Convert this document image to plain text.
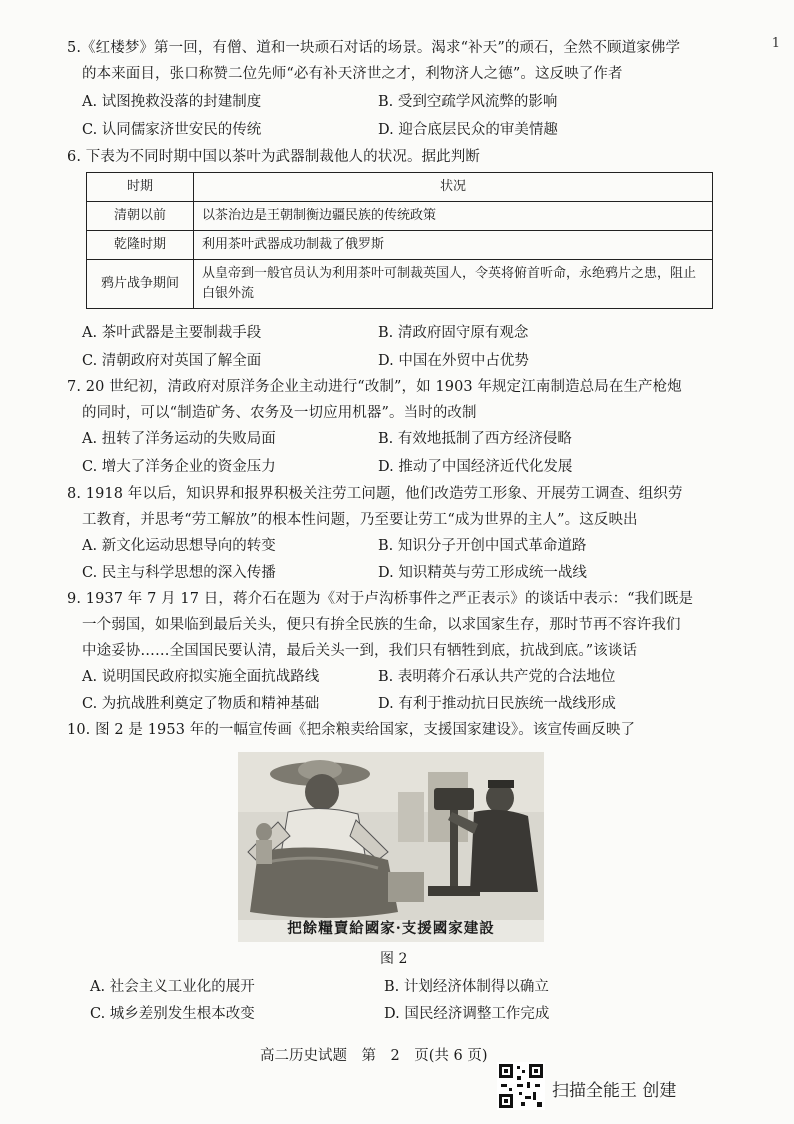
1
5.《红楼梦》第一回，有僧、道和一块顽石对话的场景。渴求“补天”的顽石，全然不顾道家佛学
的本来面目，张口称赞二位先师“必有补天济世之才，利物济人之德”。这反映了作者
A. 试图挽救没落的封建制度	B. 受到空疏学风流弊的影响
C. 认同儒家济世安民的传统	D. 迎合底层民众的审美情趣
6. 下表为不同时期中国以茶叶为武器制裁他人的状况。据此判断
时期	状况
清朝以前	以茶治边是王朝制衡边疆民族的传统政策
乾隆时期	利用茶叶武器成功制裁了俄罗斯
鸦片战争期间	从皇帝到一般官员认为利用茶叶可制裁英国人，令英将俯首听命，永绝鸦片之患，阻止白银外流
A. 茶叶武器是主要制裁手段	B. 清政府固守原有观念
C. 清朝政府对英国了解全面	D. 中国在外贸中占优势
7. 20 世纪初，清政府对原洋务企业主动进行“改制”，如 1903 年规定江南制造总局在生产枪炮
的同时，可以“制造矿务、农务及一切应用机器”。当时的改制
A. 扭转了洋务运动的失败局面	B. 有效地抵制了西方经济侵略
C. 增大了洋务企业的资金压力	D. 推动了中国经济近代化发展
8. 1918 年以后，知识界和报界积极关注劳工问题，他们改造劳工形象、开展劳工调查、组织劳
工教育，并思考“劳工解放”的根本性问题，乃至要让劳工“成为世界的主人”。这反映出
A. 新文化运动思想导向的转变	B. 知识分子开创中国式革命道路
C. 民主与科学思想的深入传播	D. 知识精英与劳工形成统一战线
9. 1937 年 7 月 17 日，蒋介石在题为《对于卢沟桥事件之严正表示》的谈话中表示：“我们既是
一个弱国，如果临到最后关头，便只有拚全民族的生命，以求国家生存，那时节再不容许我们
中途妥协……全国国民要认清，最后关头一到，我们只有牺牲到底，抗战到底。”该谈话
A. 说明国民政府拟实施全面抗战路线	B. 表明蒋介石承认共产党的合法地位
C. 为抗战胜利奠定了物质和精神基础	D. 有利于推动抗日民族统一战线形成
10. 图 2 是 1953 年的一幅宣传画《把余粮卖给国家，支援国家建设》。该宣传画反映了
把餘糧賣給國家·支援國家建設
图 2
A. 社会主义工业化的展开	B. 计划经济体制得以确立
C. 城乡差别发生根本改变	D. 国民经济调整工作完成
高二历史试题　第　2　页(共 6 页)
扫描全能王 创建
